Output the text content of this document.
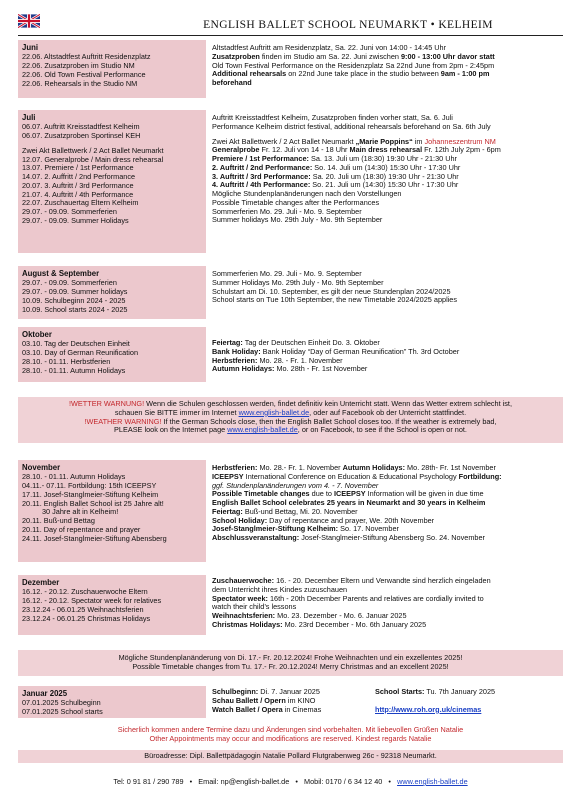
ENGLISH BALLET SCHOOL NEUMARKT • KELHEIM
Juni
22.06. Altstadtfest Auftritt Residenzplatz
22.06. Zusatzproben im Studio NM
22.06. Old Town Festival Performance
22.06. Rehearsals in the Studio NM
Altstadtfest Auftritt am Residenzplatz, Sa. 22. Juni von 14:00 - 14:45 Uhr
Zusatzproben finden im Studio am Sa. 22. Juni zwischen 9:00 - 13:00 Uhr davor statt
Old Town Festival Performance on the Residenzplatz Sa 22nd June from 2pm - 2:45pm
Additional rehearsals on 22nd June take place in the studio between 9am - 1:00 pm
beforehand
Juli
06.07. Auftritt Kreisstadtfest Kelheim
06.07. Zusatzproben Sportinsel KEH
Zwei Akt Ballettwerk / 2 Act Ballet Neumarkt
12.07. Generalprobe / Main dress rehearsal
13.07. Premiere / 1st Performance
14.07. 2. Auffritt / 2nd Performance
20.07. 3. Auftritt / 3rd Performance
21.07. 4. Auftritt / 4th Performance
22.07. Zuschauertag Eltern Kelheim
29.07. - 09.09. Sommerferien
29.07. - 09.09. Summer Holidays
Auftritt Kreisstadtfest Kelheim, Zusatzproben finden vorher statt, Sa. 6. Juli
Performance Kelheim district festival, additional rehearsals beforehand on Sa. 6th July
Zwei Akt Ballettwerk / 2 Act Ballet Neumarkt „Marie Poppins“ im Johanneszentrum NM
Generalprobe Fr. 12. Juli von 14 - 18 Uhr Main dress rehearsal Fr. 12th July 2pm - 6pm
Premiere / 1st Performance: Sa. 13. Juli um (18:30) 19:30 Uhr - 21:30 Uhr
2. Auftritt / 2nd Performance: So. 14. Juli um (14:30) 15:30 Uhr - 17:30 Uhr
3. Auftritt / 3rd Performance: Sa. 20. Juli um (18:30) 19:30 Uhr - 21:30 Uhr
4. Auftritt / 4th Performance: So. 21. Juli um (14:30) 15:30 Uhr - 17:30 Uhr
Mögliche Stundenplanänderungen nach den Vorstellungen
Possible Timetable changes after the Performances
Sommerferien Mo. 29. Juli - Mo. 9. September
Summer holidays Mo. 29th July - Mo. 9th September
August & September
29.07. - 09.09. Sommerferien
29.07. - 09.09. Summer holidays
10.09. Schulbeginn 2024 - 2025
10.09. School starts 2024 - 2025
Sommerferien Mo. 29. Juli - Mo. 9. September
Summer Holidays Mo. 29th July - Mo. 9th September
Schulstart am Di. 10. September, es gilt der neue Stundenplan 2024/2025
School starts on Tue 10th September, the new Timetable 2024/2025 applies
Oktober
03.10. Tag der Deutschen Einheit
03.10. Day of German Reunification
28.10. - 01.11. Herbstferien
28.10. - 01.11. Autumn Holidays
Feiertag: Tag der Deutschen Einheit Do. 3. Oktober
Bank Holiday: Bank Holiday “Day of German Reunification” Th. 3rd October
Herbstferien: Mo. 28. - Fr. 1. November
Autumn Holidays: Mo. 28th - Fr. 1st November
!WETTER WARNUNG! Wenn die Schulen geschlossen werden, findet definitiv kein Unterricht statt. Wenn das Wetter extrem schlecht ist,
schauen Sie BITTE immer im Internet www.english-ballet.de, oder auf Facebook ob der Unterricht stattfindet.
!WEATHER WARNING! If the German Schools close, then the English Ballet School closes too. If the weather is extremely bad,
PLEASE look on the Internet page www.english-ballet.de, or on Facebook, to see if the School is open or not.
November
28.10. - 01.11. Autumn Holidays
04.11.- 07.11. Fortbildung: 15th ICEEPSY
17.11. Josef-Stanglmeier-Stiftung Kelheim
20.11. English Ballet School ist 25 Jahre alt!
30 Jahre alt in Kelheim!
20.11. Buß-und Bettag
20.11. Day of repentance and prayer
24.11. Josef-Stanglmeier-Stiftung Abensberg
Herbstferien: Mo. 28.- Fr. 1. November Autumn Holidays: Mo. 28th- Fr. 1st November
ICEEPSY International Conference on Education & Educational Psychology Fortbildung:
ggf. Stundenplanänderungen vom 4. - 7. November
Possible Timetable changes due to ICEEPSY Information will be given in due time
English Ballet School celebrates 25 years in Neumarkt and 30 years in Kelheim
Feiertag: Buß-und Bettag, Mi. 20. November
School Holiday: Day of repentance and prayer, We. 20th November
Josef-Stanglmeier-Stiftung Kelheim: So. 17. November
Abschlussveranstaltung: Josef-Stanglmeier-Stiftung Abensberg So. 24. November
Dezember
16.12. - 20.12. Zuschauerwoche Eltern
16.12. - 20.12. Spectator week for relatives
23.12.24 - 06.01.25 Weihnachtsferien
23.12.24 - 06.01.25 Christmas Holidays
Zuschauerwoche: 16. - 20. December Eltern und Verwandte sind herzlich eingeladen
dem Unterricht ihres Kindes zuzuschauen
Spectator week: 16th - 20th December Parents and relatives are cordially invited to
watch their child’s lessons
Weihnachtsferien: Mo. 23. Dezember - Mo. 6. Januar 2025
Christmas Holidays: Mo. 23rd December - Mo. 6th January 2025
Mögliche Stundenplanänderung von Di. 17.- Fr. 20.12.2024! Frohe Weihnachten und ein exzellentes 2025!
Possible Timetable changes from Tu. 17.- Fr. 20.12.2024! Merry Christmas and an excellent 2025!
Januar 2025
07.01.2025 Schulbeginn
07.01.2025 School starts
Schulbeginn: Di. 7. Januar 2025
Schau Ballett / Opern im KINO
Watch Ballet / Opera in Cinemas
School Starts: Tu. 7th January 2025
http://www.roh.org.uk/cinemas
Sicherlich kommen andere Termine dazu und Änderungen sind vorbehalten. Mit liebevollen Grüßen Natalie
Other Appointments may occur and modifications are reserved. Kindest regards Natalie
Büroadresse: Dipl. Ballettpädagogin Natalie Pollard Flutgrabenweg 26c - 92318 Neumarkt.
Tel: 0 91 81 / 290 789 • Email: np@english-ballet.de • Mobil: 0170 / 6 34 12 40 • www.english-ballet.de
